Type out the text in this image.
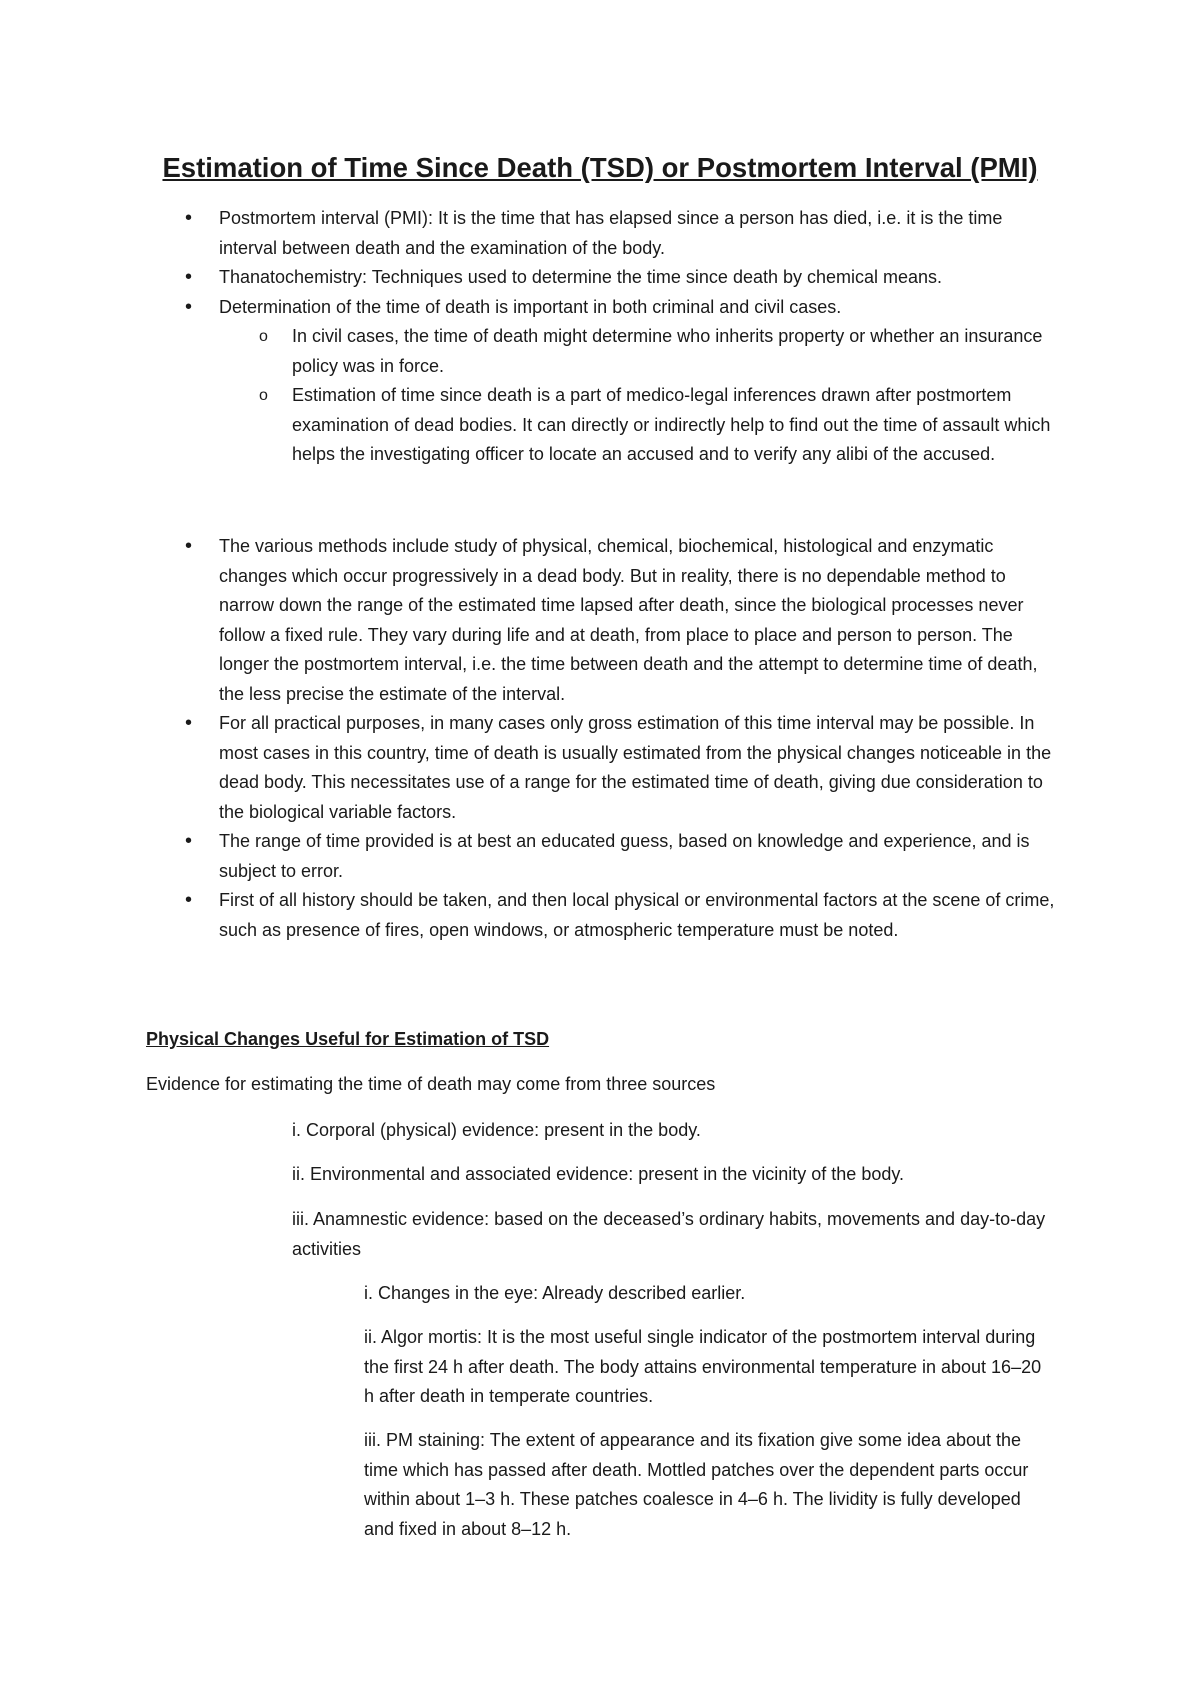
Estimation of Time Since Death (TSD) or Postmortem Interval (PMI)
• Postmortem interval (PMI): It is the time that has elapsed since a person has died, i.e. it is the time interval between death and the examination of the body.
• Thanatochemistry: Techniques used to determine the time since death by chemical means.
• Determination of the time of death is important in both criminal and civil cases.
o In civil cases, the time of death might determine who inherits property or whether an insurance policy was in force.
o Estimation of time since death is a part of medico-legal inferences drawn after postmortem examination of dead bodies. It can directly or indirectly help to find out the time of assault which helps the investigating officer to locate an accused and to verify any alibi of the accused.
• The various methods include study of physical, chemical, biochemical, histological and enzymatic changes which occur progressively in a dead body. But in reality, there is no dependable method to narrow down the range of the estimated time lapsed after death, since the biological processes never follow a fixed rule. They vary during life and at death, from place to place and person to person. The longer the postmortem interval, i.e. the time between death and the attempt to determine time of death, the less precise the estimate of the interval.
• For all practical purposes, in many cases only gross estimation of this time interval may be possible. In most cases in this country, time of death is usually estimated from the physical changes noticeable in the dead body. This necessitates use of a range for the estimated time of death, giving due consideration to the biological variable factors.
• The range of time provided is at best an educated guess, based on knowledge and experience, and is subject to error.
• First of all history should be taken, and then local physical or environmental factors at the scene of crime, such as presence of fires, open windows, or atmospheric temperature must be noted.

Physical Changes Useful for Estimation of TSD

Evidence for estimating the time of death may come from three sources

i. Corporal (physical) evidence: present in the body.

ii. Environmental and associated evidence: present in the vicinity of the body.

iii. Anamnestic evidence: based on the deceased’s ordinary habits, movements and day-to-day activities

i. Changes in the eye: Already described earlier.

ii. Algor mortis: It is the most useful single indicator of the postmortem interval during the first 24 h after death. The body attains environmental temperature in about 16–20 h after death in temperate countries.

iii. PM staining: The extent of appearance and its fixation give some idea about the time which has passed after death. Mottled patches over the dependent parts occur within about 1–3 h. These patches coalesce in 4–6 h. The lividity is fully developed and fixed in about 8–12 h.
